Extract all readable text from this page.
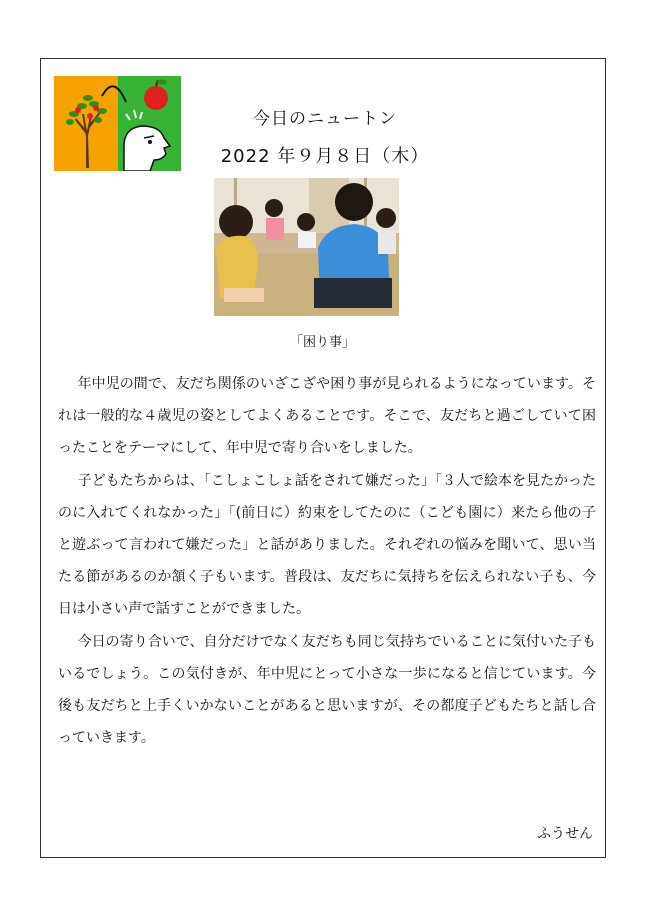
今日のニュートン
2022 年９月８日（木）
「困り事」

年中児の間で、友だち関係のいざこざや困り事が見られるようになっています。それは一般的な４歳児の姿としてよくあることです。そこで、友だちと過ごしていて困ったことをテーマにして、年中児で寄り合いをしました。

子どもたちからは、「こしょこしょ話をされて嫌だった」「３人で絵本を見たかったのに入れてくれなかった」「(前日に）約束をしてたのに（こども園に）来たら他の子と遊ぶって言われて嫌だった」と話がありました。それぞれの悩みを聞いて、思い当たる節があるのか頷く子もいます。普段は、友だちに気持ちを伝えられない子も、今日は小さい声で話すことができました。

今日の寄り合いで、自分だけでなく友だちも同じ気持ちでいることに気付いた子もいるでしょう。この気付きが、年中児にとって小さな一歩になると信じています。今後も友だちと上手くいかないことがあると思いますが、その都度子どもたちと話し合っていきます。

ふうせん
